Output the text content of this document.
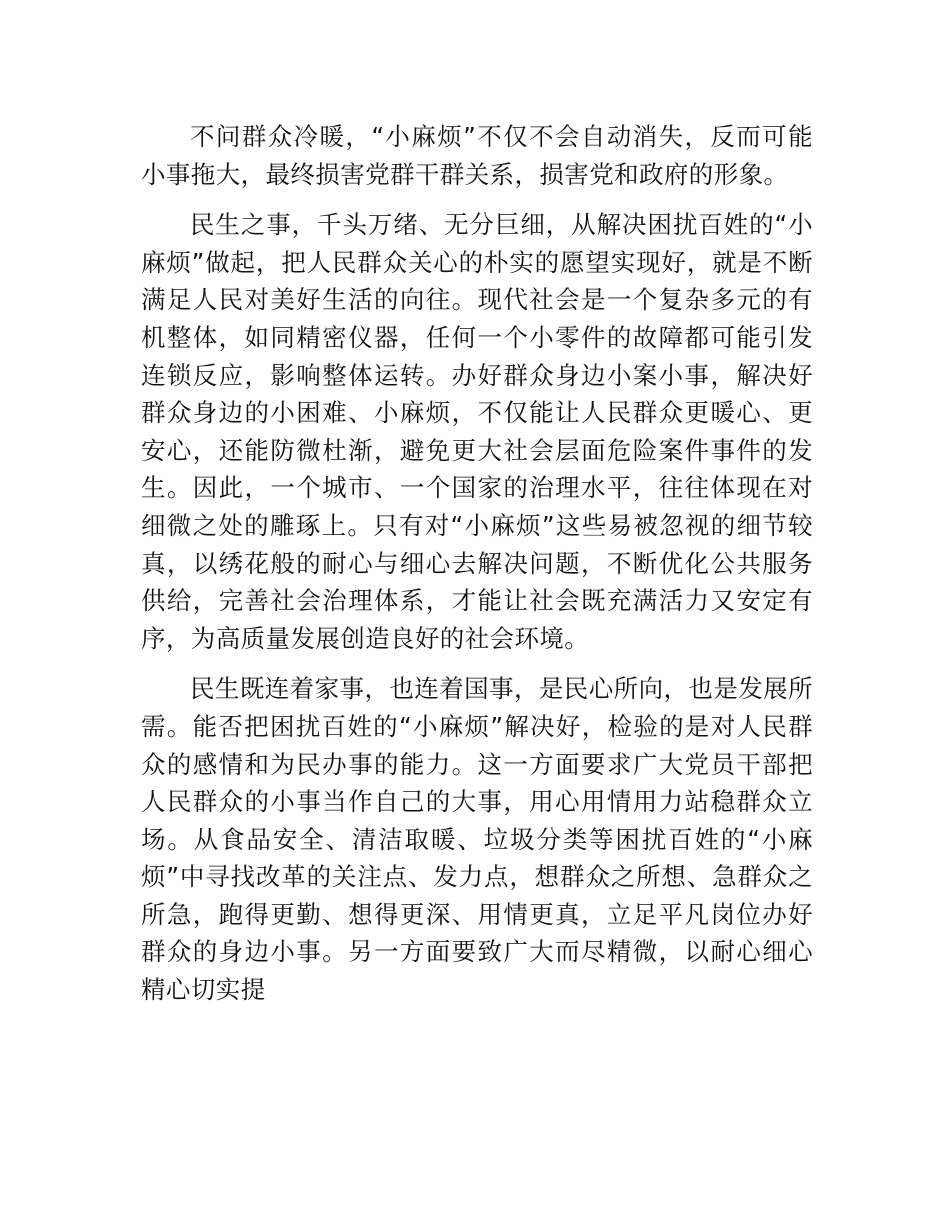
不问群众冷暖，“小麻烦”不仅不会自动消失，反而可能小事拖大，最终损害党群干群关系，损害党和政府的形象。

民生之事，千头万绪、无分巨细，从解决困扰百姓的“小麻烦”做起，把人民群众关心的朴实的愿望实现好，就是不断满足人民对美好生活的向往。现代社会是一个复杂多元的有机整体，如同精密仪器，任何一个小零件的故障都可能引发连锁反应，影响整体运转。办好群众身边小案小事，解决好群众身边的小困难、小麻烦，不仅能让人民群众更暖心、更安心，还能防微杜渐，避免更大社会层面危险案件事件的发生。因此，一个城市、一个国家的治理水平，往往体现在对细微之处的雕琢上。只有对“小麻烦”这些易被忽视的细节较真，以绣花般的耐心与细心去解决问题，不断优化公共服务供给，完善社会治理体系，才能让社会既充满活力又安定有序，为高质量发展创造良好的社会环境。

民生既连着家事，也连着国事，是民心所向，也是发展所需。能否把困扰百姓的“小麻烦”解决好，检验的是对人民群众的感情和为民办事的能力。这一方面要求广大党员干部把人民群众的小事当作自己的大事，用心用情用力站稳群众立场。从食品安全、清洁取暖、垃圾分类等困扰百姓的“小麻烦”中寻找改革的关注点、发力点，想群众之所想、急群众之所急，跑得更勤、想得更深、用情更真，立足平凡岗位办好群众的身边小事。另一方面要致广大而尽精微，以耐心细心精心切实提
